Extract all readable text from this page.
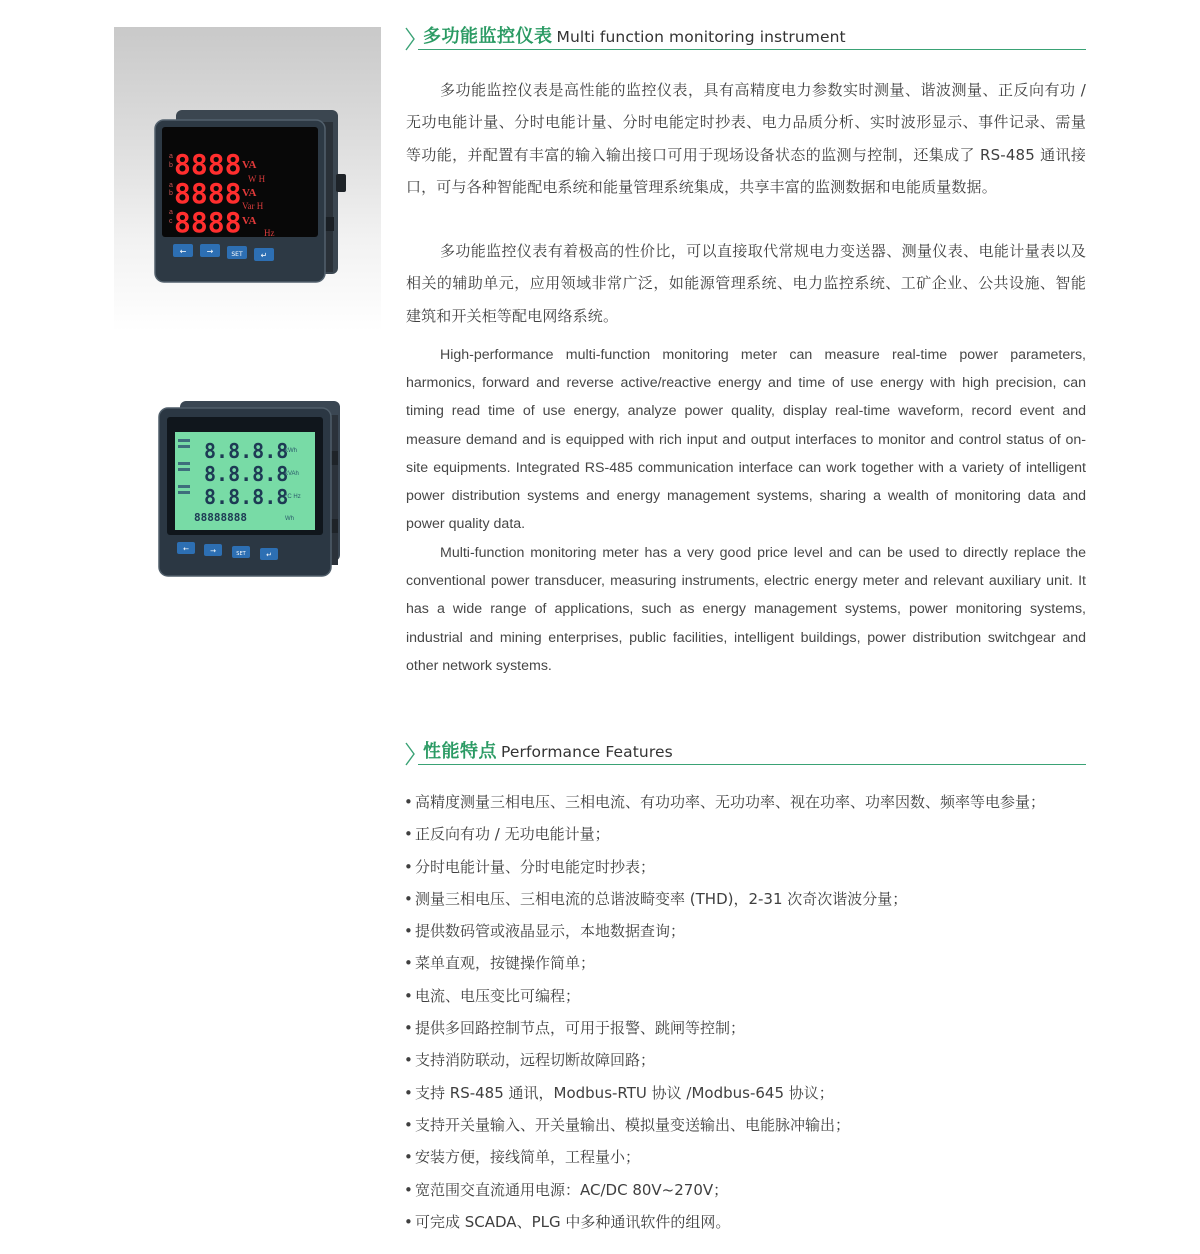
a
b
a
b
a
c
8888
8888
8888
VA
VA
VA
W H
Var H
Hz
←	→	SET ↵
8.8.8.8
8.8.8.8
8.8.8.8
88888888
kWh
kVAh
°C Hz
Wh
←	→	SET	↵
多功能监控仪表 Multi function monitoring instrument
多功能监控仪表是高性能的监控仪表，具有高精度电力参数实时测量、谐波测量、正反向有功 / 无功电能计量、分时电能计量、分时电能定时抄表、电力品质分析、实时波形显示、事件记录、需量等功能，并配置有丰富的输入输出接口可用于现场设备状态的监测与控制，还集成了 RS-485 通讯接口，可与各种智能配电系统和能量管理系统集成，共享丰富的监测数据和电能质量数据。
多功能监控仪表有着极高的性价比，可以直接取代常规电力变送器、测量仪表、电能计量表以及相关的辅助单元，应用领域非常广泛，如能源管理系统、电力监控系统、工矿企业、公共设施、智能建筑和开关柜等配电网络系统。
High-performance multi-function monitoring meter can measure real-time power parameters, harmonics, forward and reverse active/reactive energy and time of use energy with high precision, can timing read time of use energy, analyze power quality, display real-time waveform, record event and measure demand and is equipped with rich input and output interfaces to monitor and control status of on-site equipments. Integrated RS-485 communication interface can work together with a variety of intelligent power distribution systems and energy management systems, sharing a wealth of monitoring data and power quality data.
Multi-function monitoring meter has a very good price level and can be used to directly replace the conventional power transducer, measuring instruments, electric energy meter and relevant auxiliary unit. It has a wide range of applications, such as energy management systems, power monitoring systems, industrial and mining enterprises, public facilities, intelligent buildings, power distribution switchgear and other network systems.
性能特点 Performance Features
• 高精度测量三相电压、三相电流、有功功率、无功功率、视在功率、功率因数、频率等电参量；
• 正反向有功 / 无功电能计量；
• 分时电能计量、分时电能定时抄表；
• 测量三相电压、三相电流的总谐波畸变率 (THD)，2-31 次奇次谐波分量；
• 提供数码管或液晶显示，本地数据查询；
• 菜单直观，按键操作简单；
• 电流、电压变比可编程；
• 提供多回路控制节点，可用于报警、跳闸等控制；
• 支持消防联动，远程切断故障回路；
• 支持 RS-485 通讯，Modbus-RTU 协议 /Modbus-645 协议；
• 支持开关量输入、开关量输出、模拟量变送输出、电能脉冲输出；
• 安装方便，接线简单，工程量小；
• 宽范围交直流通用电源：AC/DC 80V~270V；
• 可完成 SCADA、PLG 中多种通讯软件的组网。
